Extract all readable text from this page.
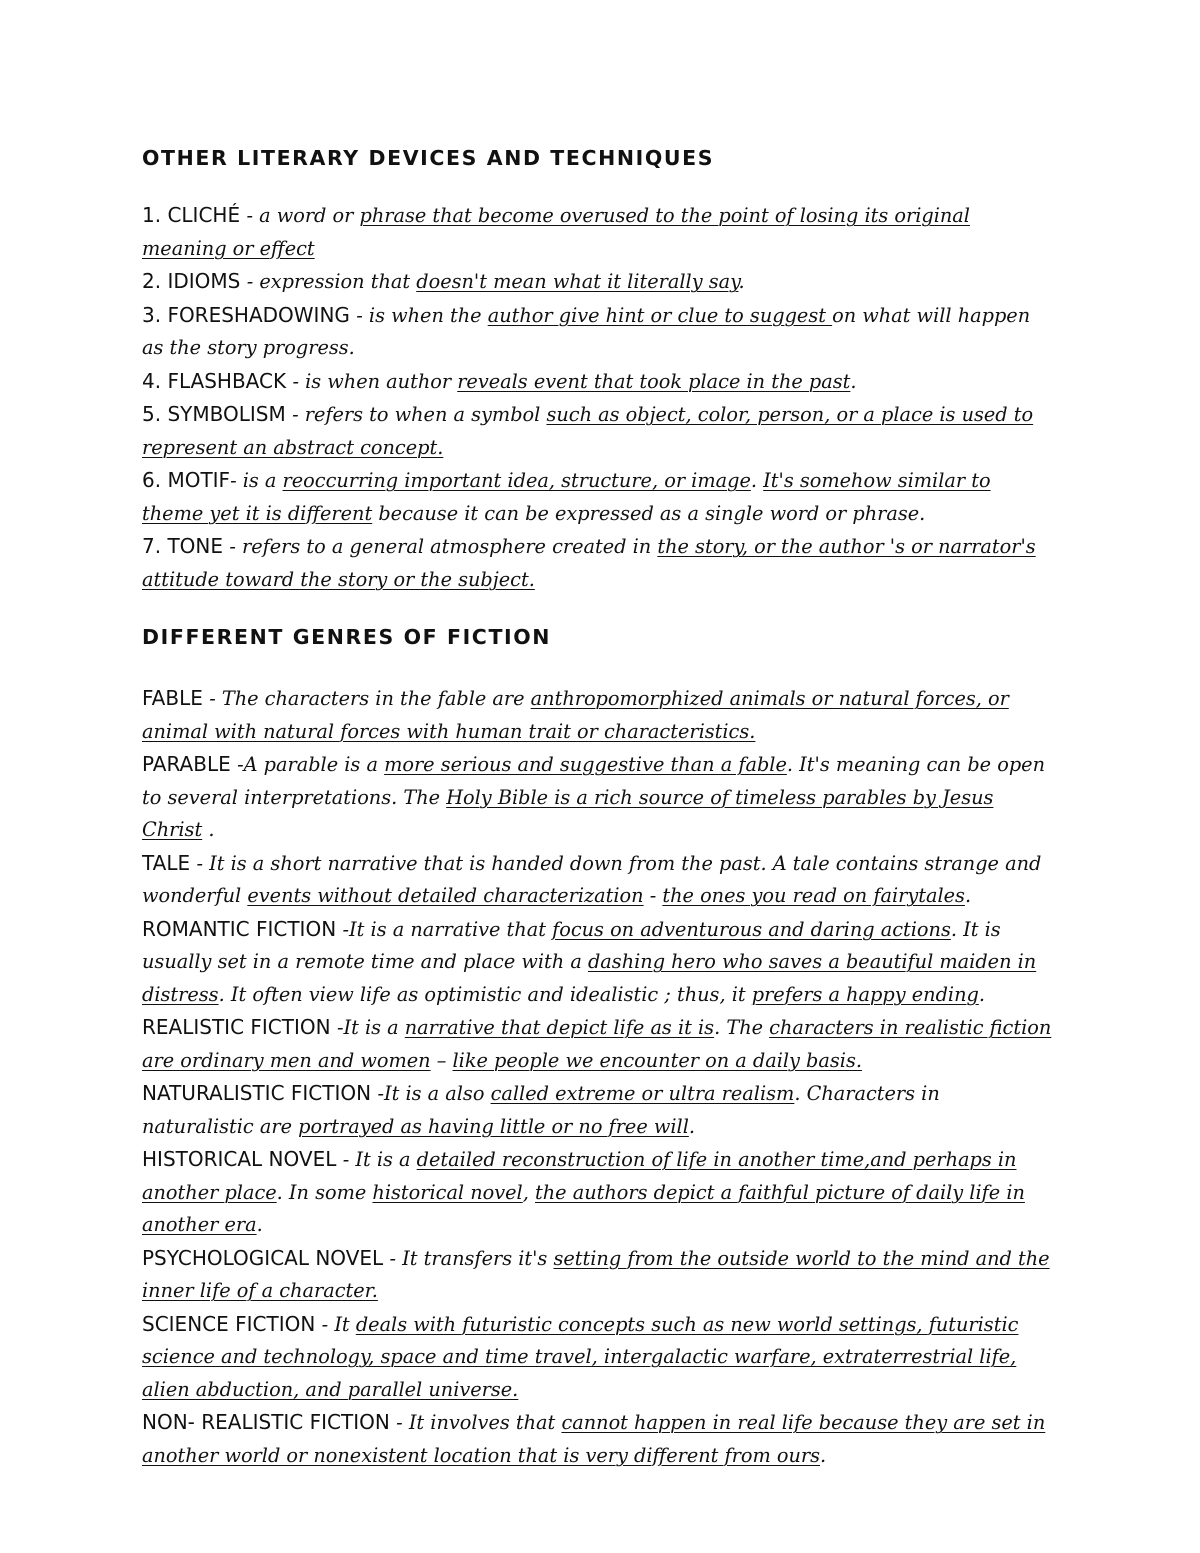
OTHER LITERARY DEVICES AND TECHNIQUES

1. CLICHÉ - a word or phrase that become overused to the point of losing its original meaning or effect

2. IDIOMS - expression that doesn't mean what it literally say.

3. FORESHADOWING - is when the author give hint or clue to suggest on what will happen as the story progress.

4. FLASHBACK - is when author reveals event that took place in the past.

5. SYMBOLISM - refers to when a symbol such as object, color, person, or a place is used to represent an abstract concept.

6. MOTIF- is a reoccurring important idea, structure, or image. It's somehow similar to theme yet it is different because it can be expressed as a single word or phrase.

7. TONE - refers to a general atmosphere created in the story, or the author 's or narrator's attitude toward the story or the subject.

DIFFERENT GENRES OF FICTION

FABLE - The characters in the fable are anthropomorphized animals or natural forces, or animal with natural forces with human trait or characteristics.

PARABLE -A parable is a more serious and suggestive than a fable. It's meaning can be open to several interpretations. The Holy Bible is a rich source of timeless parables by Jesus Christ .

TALE - It is a short narrative that is handed down from the past. A tale contains strange and wonderful events without detailed characterization - the ones you read on fairytales.

ROMANTIC FICTION -It is a narrative that focus on adventurous and daring actions. It is usually set in a remote time and place with a dashing hero who saves a beautiful maiden in distress. It often view life as optimistic and idealistic ; thus, it prefers a happy ending.

REALISTIC FICTION -It is a narrative that depict life as it is. The characters in realistic fiction are ordinary men and women – like people we encounter on a daily basis.

NATURALISTIC FICTION -It is a also called extreme or ultra realism. Characters in naturalistic are portrayed as having little or no free will.

HISTORICAL NOVEL - It is a detailed reconstruction of life in another time,and perhaps in another place. In some historical novel, the authors depict a faithful picture of daily life in another era.

PSYCHOLOGICAL NOVEL - It transfers it's setting from the outside world to the mind and the inner life of a character.

SCIENCE FICTION - It deals with futuristic concepts such as new world settings, futuristic science and technology, space and time travel, intergalactic warfare, extraterrestrial life, alien abduction, and parallel universe.

NON- REALISTIC FICTION - It involves that cannot happen in real life because they are set in another world or nonexistent location that is very different from ours.
